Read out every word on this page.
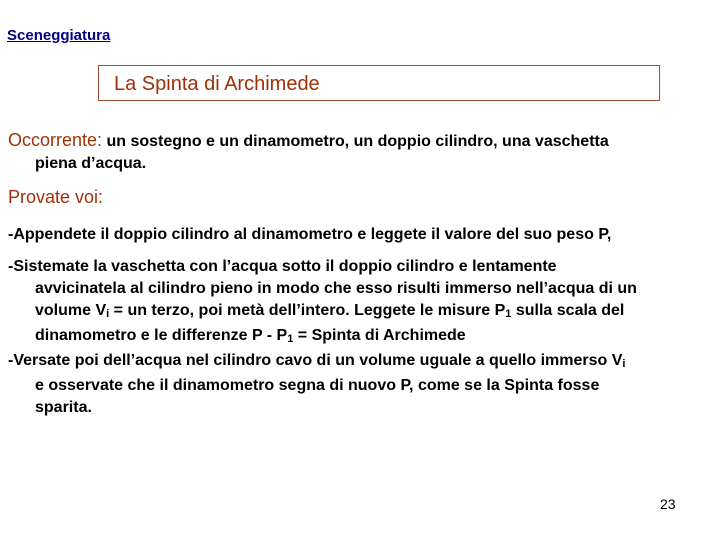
Sceneggiatura
La Spinta di Archimede
Occorrente: un sostegno e un dinamometro, un doppio cilindro, una vaschetta
piena d’acqua.
Provate voi:
-Appendete il doppio cilindro al dinamometro e leggete il valore del suo peso P,
-Sistemate la vaschetta con l’acqua sotto il doppio cilindro e lentamente
avvicinatela al cilindro pieno in modo che esso risulti immerso nell’acqua di un
volume Vi = un terzo, poi metà dell’intero. Leggete le misure P1 sulla scala del
dinamometro e le differenze P - P1 = Spinta di Archimede
-Versate poi dell’acqua nel cilindro cavo di un volume uguale a quello immerso Vi
e osservate che il dinamometro segna di nuovo P, come se la Spinta fosse
sparita.
23
